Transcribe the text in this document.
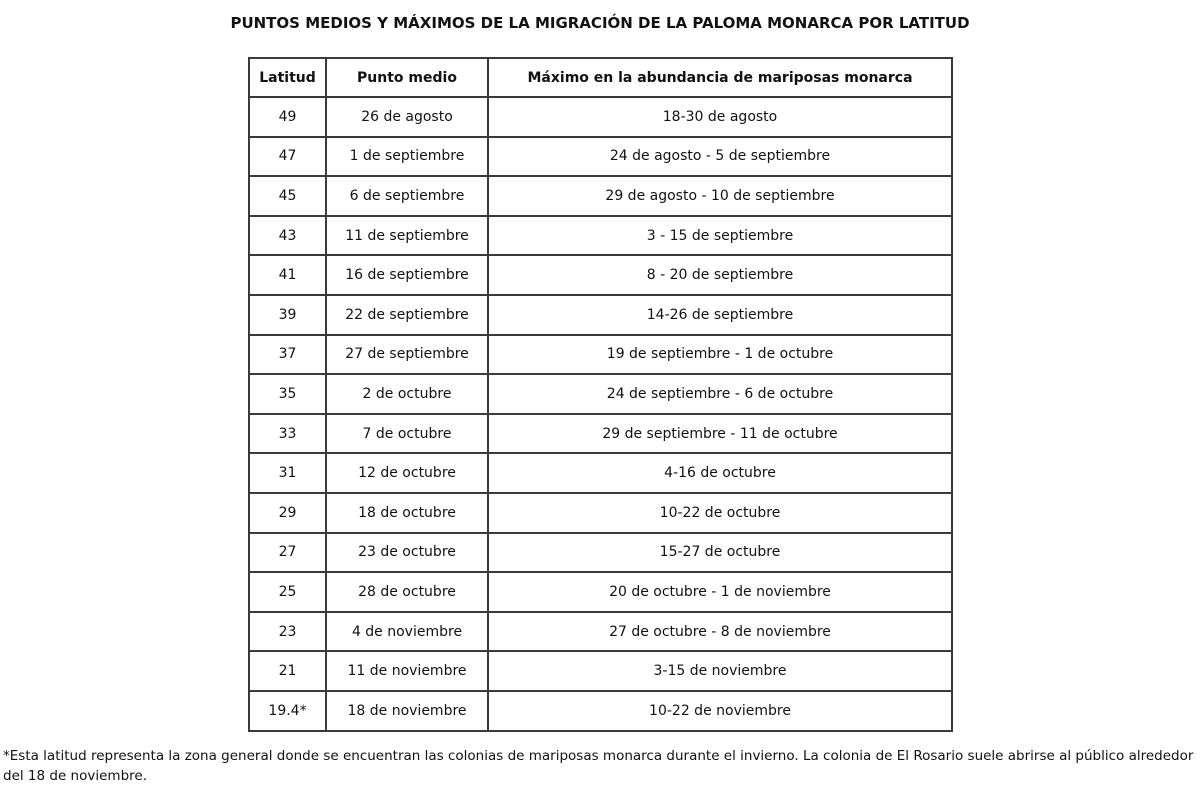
PUNTOS MEDIOS Y MÁXIMOS DE LA MIGRACIÓN DE LA PALOMA MONARCA POR LATITUD
Latitud	Punto medio	Máximo en la abundancia de mariposas monarca
49	26 de agosto	18-30 de agosto
47	1 de septiembre	24 de agosto - 5 de septiembre
45	6 de septiembre	29 de agosto - 10 de septiembre
43	11 de septiembre	3 - 15 de septiembre
41	16 de septiembre	8 - 20 de septiembre
39	22 de septiembre	14-26 de septiembre
37	27 de septiembre	19 de septiembre - 1 de octubre
35	2 de octubre	24 de septiembre - 6 de octubre
33	7 de octubre	29 de septiembre - 11 de octubre
31	12 de octubre	4-16 de octubre
29	18 de octubre	10-22 de octubre
27	23 de octubre	15-27 de octubre
25	28 de octubre	20 de octubre - 1 de noviembre
23	4 de noviembre	27 de octubre - 8 de noviembre
21	11 de noviembre	3-15 de noviembre
19.4*	18 de noviembre	10-22 de noviembre
*Esta latitud representa la zona general donde se encuentran las colonias de mariposas monarca durante el invierno. La colonia de El Rosario suele abrirse al público alrededor del 18 de noviembre.
